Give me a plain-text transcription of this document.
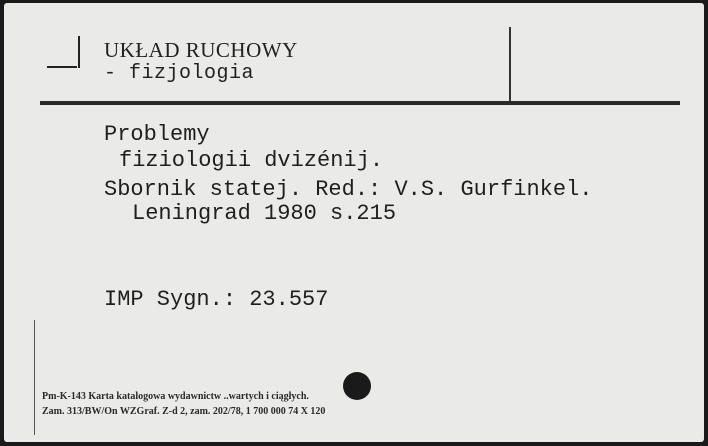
UKŁAD RUCHOWY
- fizjologia
Problemy
fiziologii dvizénij.
Sbornik statej. Red.: V.S. Gurfinkel.
Leningrad 1980 s.215
IMP Sygn.: 23.557
Pm-K-143 Karta katalogowa wydawnictw ..wartych i ciągłych.
Zam. 313/BW/On WZGraf. Z-d 2, zam. 202/78, 1 700 000 74 X 120
